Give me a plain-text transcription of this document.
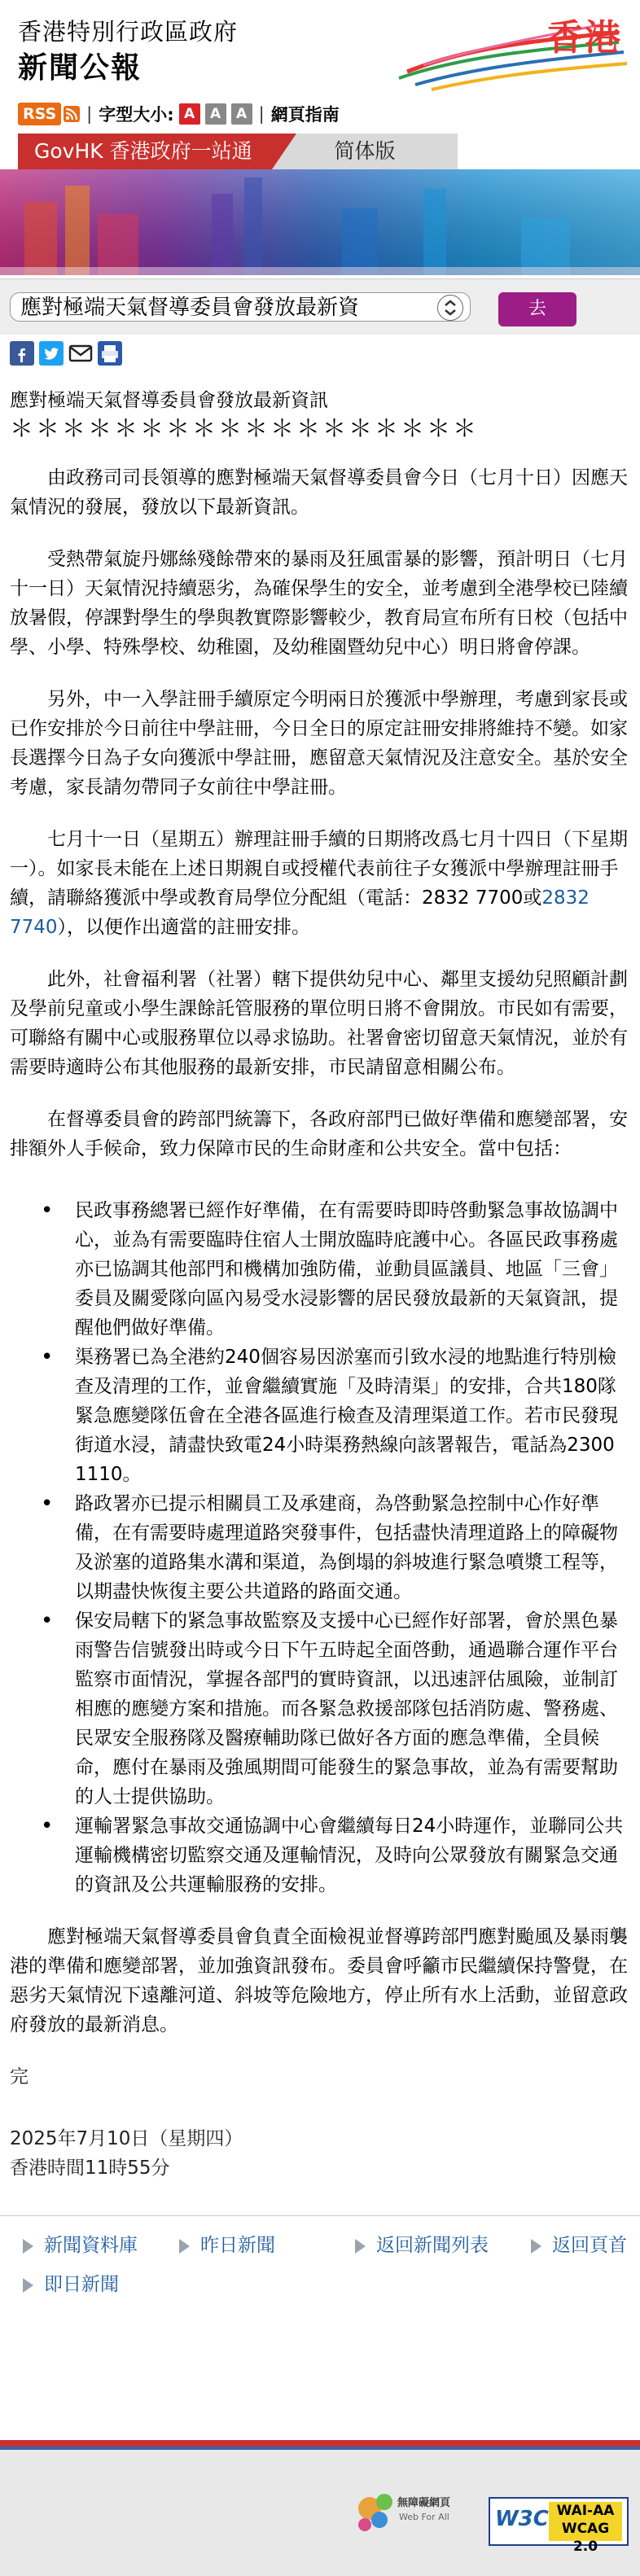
香港特別行政區政府
新聞公報
香港
RSS | 字型大小: A	A	A | 網頁指南
GovHK 香港政府一站通	简体版
應對極端天氣督導委員會發放最新資	去
應對極端天氣督導委員會發放最新資訊
＊＊＊＊＊＊＊＊＊＊＊＊＊＊＊＊＊＊

由政務司司長領導的應對極端天氣督導委員會今日（七月十日）因應天氣情況的發展，發放以下最新資訊。

受熱帶氣旋丹娜絲殘餘帶來的暴雨及狂風雷暴的影響，預計明日（七月十一日）天氣情況持續惡劣，為確保學生的安全，並考慮到全港學校已陸續放暑假，停課對學生的學與教實際影響較少，教育局宣布所有日校（包括中學、小學、特殊學校、幼稚園，及幼稚園暨幼兒中心）明日將會停課。

另外，中一入學註冊手續原定今明兩日於獲派中學辦理，考慮到家長或已作安排於今日前往中學註冊，今日全日的原定註冊安排將維持不變。如家長選擇今日為子女向獲派中學註冊，應留意天氣情況及注意安全。基於安全考慮，家長請勿帶同子女前往中學註冊。

七月十一日（星期五）辦理註冊手續的日期將改爲七月十四日（下星期一）。如家長未能在上述日期親自或授權代表前往子女獲派中學辦理註冊手續，請聯絡獲派中學或教育局學位分配組（電話：2832 7700或2832 7740），以便作出適當的註冊安排。

此外，社會福利署（社署）轄下提供幼兒中心、鄰里支援幼兒照顧計劃及學前兒童或小學生課餘託管服務的單位明日將不會開放。市民如有需要，可聯絡有關中心或服務單位以尋求協助。社署會密切留意天氣情況，並於有需要時適時公布其他服務的最新安排，市民請留意相關公布。

在督導委員會的跨部門統籌下，各政府部門已做好準備和應變部署，安排額外人手候命，致力保障市民的生命財產和公共安全。當中包括：

• 民政事務總署已經作好準備，在有需要時即時啓動緊急事故協調中心，並為有需要臨時住宿人士開放臨時庇護中心。各區民政事務處亦已協調其他部門和機構加強防備，並動員區議員、地區「三會」委員及關愛隊向區內易受水浸影響的居民發放最新的天氣資訊，提醒他們做好準備。
• 渠務署已為全港約240個容易因淤塞而引致水浸的地點進行特別檢查及清理的工作，並會繼續實施「及時清渠」的安排，合共180隊緊急應變隊伍會在全港各區進行檢查及清理渠道工作。若市民發現街道水浸，請盡快致電24小時渠務熱線向該署報告，電話為2300　1110。
• 路政署亦已提示相關員工及承建商，為啓動緊急控制中心作好準備，在有需要時處理道路突發事件，包括盡快清理道路上的障礙物及淤塞的道路集水溝和渠道，為倒塌的斜坡進行緊急噴漿工程等，以期盡快恢復主要公共道路的路面交通。
• 保安局轄下的紧急事故監察及支援中心已經作好部署，會於黑色暴雨警告信號發出時或今日下午五時起全面啓動，通過聯合運作平台監察市面情況，掌握各部門的實時資訊，以迅速評估風險，並制訂相應的應變方案和措施。而各緊急救援部隊包括消防處、警務處、民眾安全服務隊及醫療輔助隊已做好各方面的應急準備，全員候命，應付在暴雨及強風期間可能發生的緊急事故，並為有需要幫助的人士提供協助。
• 運輸署緊急事故交通協調中心會繼續每日24小時運作，並聯同公共運輸機構密切監察交通及運輸情況，及時向公眾發放有關緊急交通的資訊及公共運輸服務的安排。

應對極端天氣督導委員會負責全面檢視並督導跨部門應對颱風及暴雨襲港的準備和應變部署，並加強資訊發布。委員會呼籲市民繼續保持警覺，在惡劣天氣情況下遠離河道、斜坡等危險地方，停止所有水上活動，並留意政府發放的最新消息。

完
2025年7月10日（星期四）
香港時間11時55分
新聞資料庫	昨日新聞	返回新聞列表	返回頁首
即日新聞
無障礙網頁
Web For All W3C WAI-AA
WCAG 2.0
